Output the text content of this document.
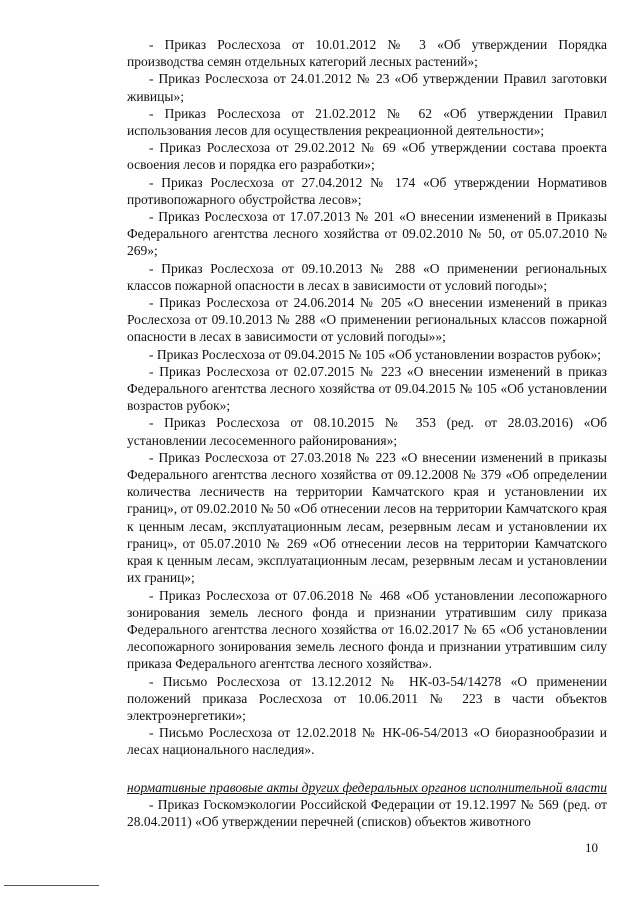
- Приказ Рослесхоза от 10.01.2012 № 3 «Об утверждении Порядка производства семян отдельных категорий лесных растений»;

- Приказ Рослесхоза от 24.01.2012 № 23 «Об утверждении Правил заготовки живицы»;

- Приказ Рослесхоза от 21.02.2012 № 62 «Об утверждении Правил использования лесов для осуществления рекреационной деятельности»;

- Приказ Рослесхоза от 29.02.2012 № 69 «Об утверждении состава проекта освоения лесов и порядка его разработки»;

- Приказ Рослесхоза от 27.04.2012 № 174 «Об утверждении Нормативов противопожарного обустройства лесов»;

- Приказ Рослесхоза от 17.07.2013 № 201 «О внесении изменений в Приказы Федерального агентства лесного хозяйства от 09.02.2010 № 50, от 05.07.2010 № 269»;

- Приказ Рослесхоза от 09.10.2013 № 288 «О применении региональных классов пожарной опасности в лесах в зависимости от условий погоды»;

- Приказ Рослесхоза от 24.06.2014 № 205 «О внесении изменений в приказ Рослесхоза от 09.10.2013 № 288 «О применении региональных классов пожарной опасности в лесах в зависимости от условий погоды»»;

- Приказ Рослесхоза от 09.04.2015 № 105 «Об установлении возрастов рубок»;

- Приказ Рослесхоза от 02.07.2015 № 223 «О внесении изменений в приказ Федерального агентства лесного хозяйства от 09.04.2015 № 105 «Об установлении возрастов рубок»;

- Приказ Рослесхоза от 08.10.2015 № 353 (ред. от 28.03.2016) «Об установлении лесосеменного районирования»;

- Приказ Рослесхоза от 27.03.2018 № 223 «О внесении изменений в приказы Федерального агентства лесного хозяйства от 09.12.2008 № 379 «Об определении количества лесничеств на территории Камчатского края и установлении их границ», от 09.02.2010 № 50 «Об отнесении лесов на территории Камчатского края к ценным лесам, эксплуатационным лесам, резервным лесам и установлении их границ», от 05.07.2010 № 269 «Об отнесении лесов на территории Камчатского края к ценным лесам, эксплуатационным лесам, резервным лесам и установлении их границ»;

- Приказ Рослесхоза от 07.06.2018 № 468 «Об установлении лесопожарного зонирования земель лесного фонда и признании утратившим силу приказа Федерального агентства лесного хозяйства от 16.02.2017 № 65 «Об установлении лесопожарного зонирования земель лесного фонда и признании утратившим силу приказа Федерального агентства лесного хозяйства».

- Письмо Рослесхоза от 13.12.2012 № НК-03-54/14278 «О применении положений приказа Рослесхоза от 10.06.2011 № 223 в части объектов электроэнергетики»;

- Письмо Рослесхоза от 12.02.2018 № НК-06-54/2013 «О биоразнообразии и лесах национального наследия».

нормативные правовые акты других федеральных органов исполнительной власти

- Приказ Госкомэкологии Российской Федерации от 19.12.1997 № 569 (ред. от 28.04.2011) «Об утверждении перечней (списков) объектов животного

10
